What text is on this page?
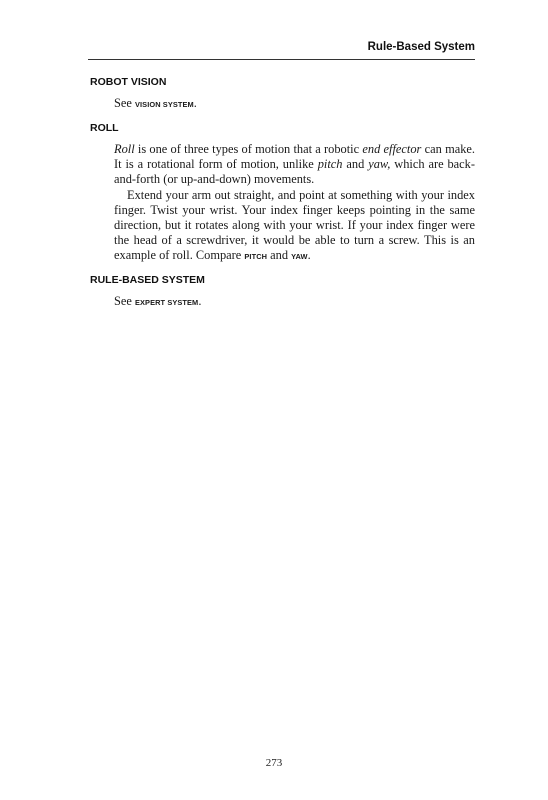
Rule-Based System
ROBOT VISION

See VISION SYSTEM.

ROLL

Roll is one of three types of motion that a robotic end effector can make. It is a rotational form of motion, unlike pitch and yaw, which are back-and-forth (or up-and-down) movements.

Extend your arm out straight, and point at something with your index finger. Twist your wrist. Your index finger keeps pointing in the same direction, but it rotates along with your wrist. If your index finger were the head of a screwdriver, it would be able to turn a screw. This is an example of roll. Compare PITCH and YAW.

RULE-BASED SYSTEM

See EXPERT SYSTEM.

273
